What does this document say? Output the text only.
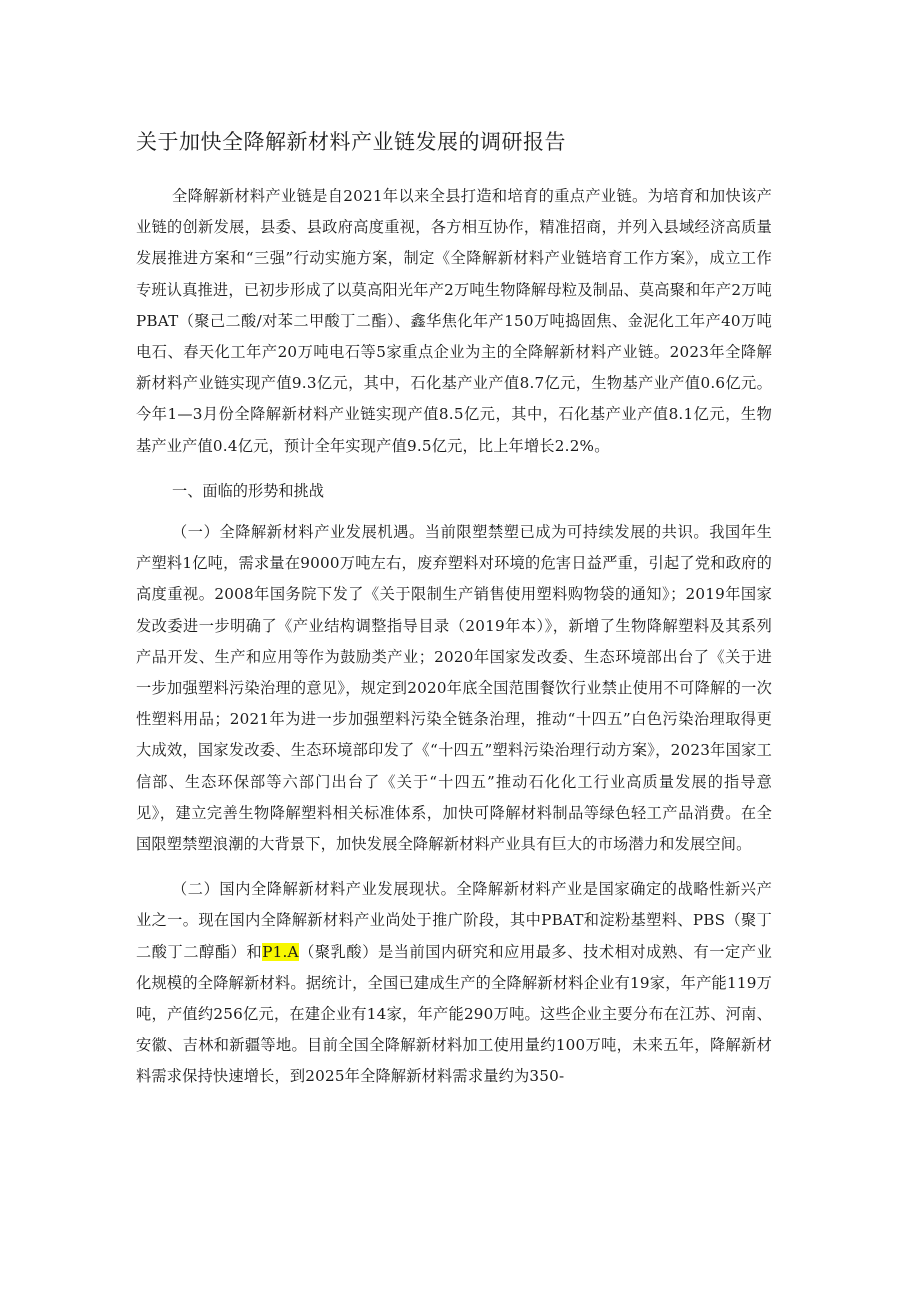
关于加快全降解新材料产业链发展的调研报告

全降解新材料产业链是自2021年以来全县打造和培育的重点产业链。为培育和加快该产业链的创新发展，县委、县政府高度重视，各方相互协作，精准招商，并列入县域经济高质量发展推进方案和“三强”行动实施方案，制定《全降解新材料产业链培育工作方案》，成立工作专班认真推进，已初步形成了以莫高阳光年产2万吨生物降解母粒及制品、莫高聚和年产2万吨PBAT（聚己二酸/对苯二甲酸丁二酯）、鑫华焦化年产150万吨捣固焦、金泥化工年产40万吨电石、春天化工年产20万吨电石等5家重点企业为主的全降解新材料产业链。2023年全降解新材料产业链实现产值9.3亿元，其中，石化基产业产值8.7亿元，生物基产业产值0.6亿元。今年1—3月份全降解新材料产业链实现产值8.5亿元，其中，石化基产业产值8.1亿元，生物基产业产值0.4亿元，预计全年实现产值9.5亿元，比上年增长2.2%。

一、面临的形势和挑战

（一）全降解新材料产业发展机遇。当前限塑禁塑已成为可持续发展的共识。我国年生产塑料1亿吨，需求量在9000万吨左右，废弃塑料对环境的危害日益严重，引起了党和政府的高度重视。2008年国务院下发了《关于限制生产销售使用塑料购物袋的通知》；2019年国家发改委进一步明确了《产业结构调整指导目录（2019年本）》，新增了生物降解塑料及其系列产品开发、生产和应用等作为鼓励类产业；2020年国家发改委、生态环境部出台了《关于进一步加强塑料污染治理的意见》，规定到2020年底全国范围餐饮行业禁止使用不可降解的一次性塑料用品；2021年为进一步加强塑料污染全链条治理，推动“十四五”白色污染治理取得更大成效，国家发改委、生态环境部印发了《“十四五”塑料污染治理行动方案》，2023年国家工信部、生态环保部等六部门出台了《关于“十四五”推动石化化工行业高质量发展的指导意见》，建立完善生物降解塑料相关标准体系，加快可降解材料制品等绿色轻工产品消费。在全国限塑禁塑浪潮的大背景下，加快发展全降解新材料产业具有巨大的市场潜力和发展空间。

（二）国内全降解新材料产业发展现状。全降解新材料产业是国家确定的战略性新兴产业之一。现在国内全降解新材料产业尚处于推广阶段，其中PBAT和淀粉基塑料、PBS（聚丁二酸丁二醇酯）和P1.A（聚乳酸）是当前国内研究和应用最多、技术相对成熟、有一定产业化规模的全降解新材料。据统计，全国已建成生产的全降解新材料企业有19家，年产能119万吨，产值约256亿元，在建企业有14家，年产能290万吨。这些企业主要分布在江苏、河南、安徽、吉林和新疆等地。目前全国全降解新材料加工使用量约100万吨，未来五年，降解新材料需求保持快速增长，到2025年全降解新材料需求量约为350-
